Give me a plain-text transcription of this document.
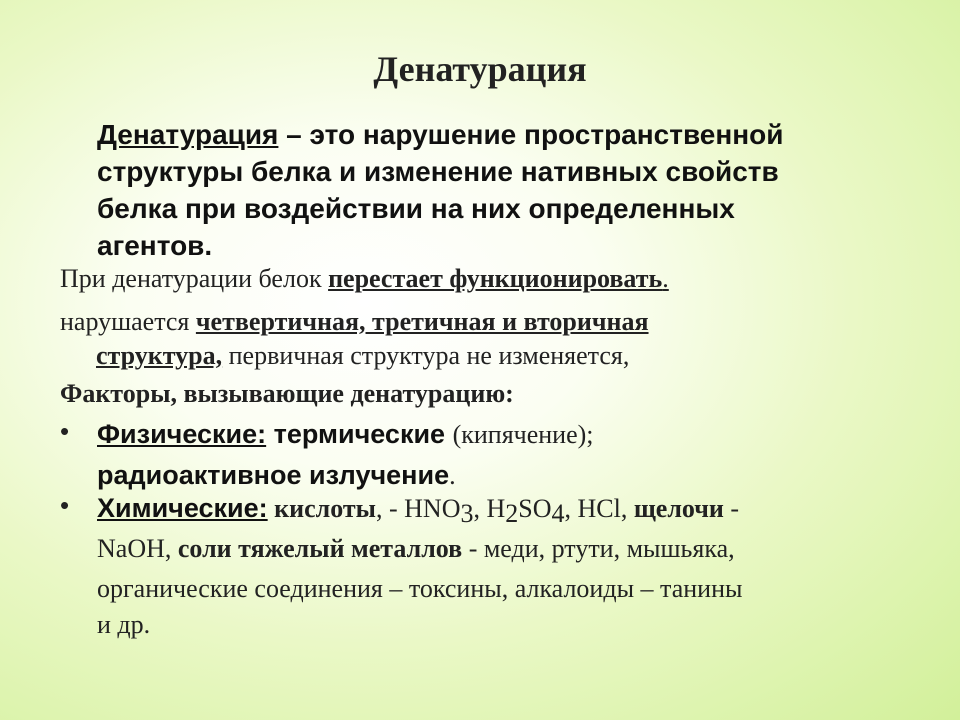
Денатурация
Денатурация – это нарушение пространственной
структуры белка и изменение нативных свойств
белка при воздействии на них определенных
агентов.
При денатурации белок перестает функционировать.
нарушается четвертичная, третичная и вторичная
структура, первичная структура не изменяется,
Факторы, вызывающие денатурацию:
• Физические: термические (кипячение);
радиоактивное излучение.
• Химические: кислоты, - $HNO_3$, $H_2SO_4$, HCl, щелочи -
NaOH, соли тяжелый металлов - меди, ртути, мышьяка,
органические соединения – токсины, алкалоиды – танины
и др.
